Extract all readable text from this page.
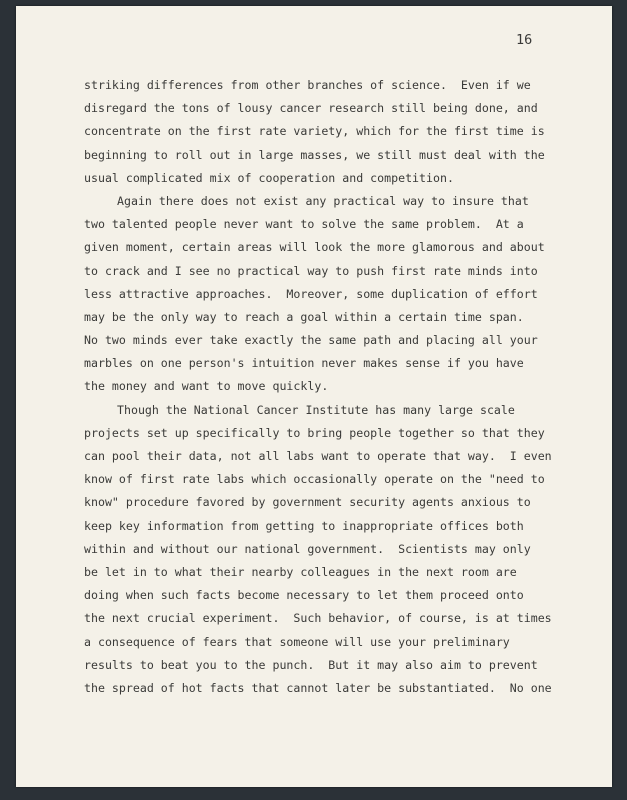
16
striking differences from other branches of science.  Even if we
disregard the tons of lousy cancer research still being done, and
concentrate on the first rate variety, which for the first time is
beginning to roll out in large masses, we still must deal with the
usual complicated mix of cooperation and competition.
Again there does not exist any practical way to insure that
two talented people never want to solve the same problem.  At a
given moment, certain areas will look the more glamorous and about
to crack and I see no practical way to push first rate minds into
less attractive approaches.  Moreover, some duplication of effort
may be the only way to reach a goal within a certain time span.
No two minds ever take exactly the same path and placing all your
marbles on one person's intuition never makes sense if you have
the money and want to move quickly.
Though the National Cancer Institute has many large scale
projects set up specifically to bring people together so that they
can pool their data, not all labs want to operate that way.  I even
know of first rate labs which occasionally operate on the "need to
know" procedure favored by government security agents anxious to
keep key information from getting to inappropriate offices both
within and without our national government.  Scientists may only
be let in to what their nearby colleagues in the next room are
doing when such facts become necessary to let them proceed onto
the next crucial experiment.  Such behavior, of course, is at times
a consequence of fears that someone will use your preliminary
results to beat you to the punch.  But it may also aim to prevent
the spread of hot facts that cannot later be substantiated.  No one
